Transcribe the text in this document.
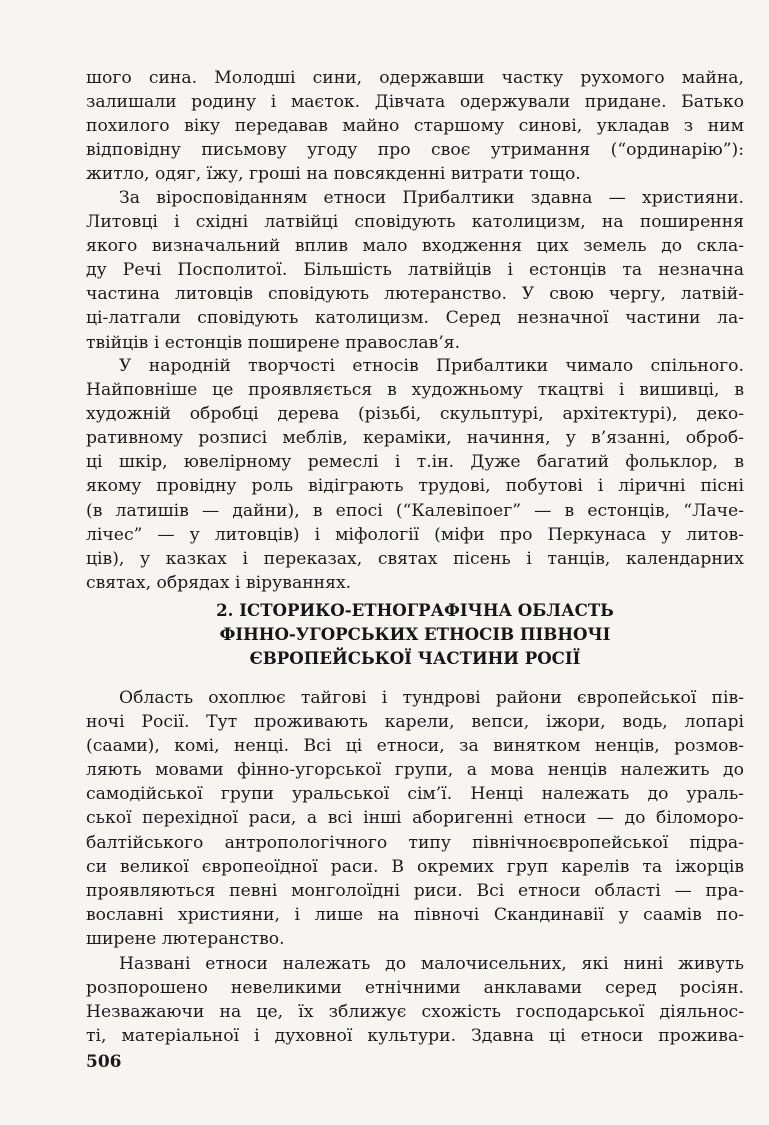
шого сина. Молодші сини, одержавши частку рухомого майна,
залишали родину і маєток. Дівчата одержували придане. Батько
похилого віку передавав майно старшому синові, укладав з ним
відповідну письмову угоду про своє утримання (“ординарію”):
житло, одяг, їжу, гроші на повсякденні витрати тощо.
За віросповіданням етноси Прибалтики здавна — християни.
Литовці і східні латвійці сповідують католицизм, на поширення
якого визначальний вплив мало входження цих земель до скла-
ду Речі Посполитої. Більшість латвійців і естонців та незначна
частина литовців сповідують лютеранство. У свою чергу, латвій-
ці-латгали сповідують католицизм. Серед незначної частини ла-
твійців і естонців поширене православ’я.
У народній творчості етносів Прибалтики чимало спільного.
Найповніше це проявляється в художньому ткацтві і вишивці, в
художній обробці дерева (різьбі, скульптурі, архітектурі), деко-
ративному розписі меблів, кераміки, начиння, у в’язанні, оброб-
ці шкір, ювелірному ремеслі і т.ін. Дуже багатий фольклор, в
якому провідну роль відіграють трудові, побутові і ліричні пісні
(в латишів — дайни), в епосі (“Калевіпоег” — в естонців, “Лаче-
лічес” — у литовців) і міфології (міфи про Перкунаса у литов-
ців), у казках і переказах, святах пісень і танців, календарних
святах, обрядах і віруваннях.
2. ІСТОРИКО-ЕТНОГРАФІЧНА ОБЛАСТЬ
ФІННО-УГОРСЬКИХ ЕТНОСІВ ПІВНОЧІ
ЄВРОПЕЙСЬКОЇ ЧАСТИНИ РОСІЇ
Область охоплює тайгові і тундрові райони європейської пів-
ночі Росії. Тут проживають карели, вепси, іжори, водь, лопарі
(саами), комі, ненці. Всі ці етноси, за винятком ненців, розмов-
ляють мовами фінно-угорської групи, а мова ненців належить до
самодійської групи уральської сім’ї. Ненці належать до ураль-
ської перехідної раси, а всі інші аборигенні етноси — до біломоро-
балтійського антропологічного типу північноєвропейської підра-
си великої європеоїдної раси. В окремих груп карелів та іжорців
проявляються певні монголоїдні риси. Всі етноси області — пра-
вославні християни, і лише на півночі Скандинавії у саамів по-
ширене лютеранство.
Названі етноси належать до малочисельних, які нині живуть
розпорошено невеликими етнічними анклавами серед росіян.
Незважаючи на це, їх зближує схожість господарської діяльнос-
ті, матеріальної і духовної культури. Здавна ці етноси прожива-
506
